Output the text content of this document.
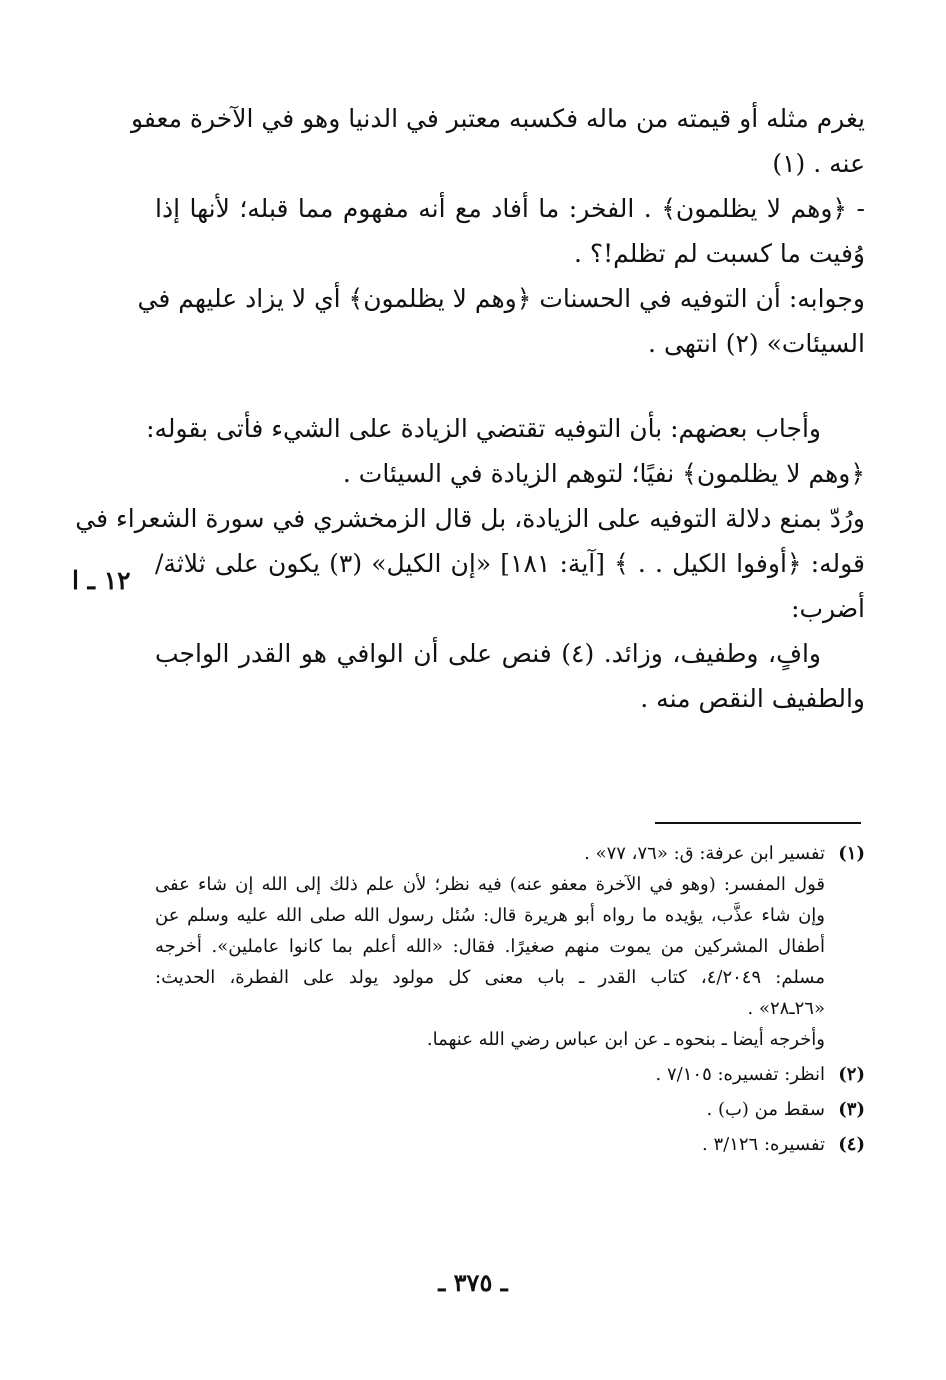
يغرم مثله أو قيمته من ماله فكسبه معتبر في الدنيا وهو في الآخرة معفو
عنه . (١)
- ﴿وهم لا يظلمون﴾ . الفخر: ما أفاد مع أنه مفهوم مما قبله؛ لأنها إذا
وُفيت ما كسبت لم تظلم!؟ .
وجوابه: أن التوفيه في الحسنات ﴿وهم لا يظلمون﴾ أي لا يزاد عليهم في
السيئات» (٢) انتهى .
وأجاب بعضهم: بأن التوفيه تقتضي الزيادة على الشيء فأتى بقوله:
﴿وهم لا يظلمون﴾ نفيًا؛ لتوهم الزيادة في السيئات .
ورُدّ بمنع دلالة التوفيه على الزيادة، بل قال الزمخشري في سورة الشعراء في
قوله: ﴿أوفوا الكيل . . ﴾ [آية: ١٨١] «إن الكيل» (٣) يكون على ثلاثة/
أضرب:
وافٍ، وطفيف، وزائد. (٤) فنص على أن الوافي هو القدر الواجب
والطفيف النقص منه .
١٢ ـ ا
(١)تفسير ابن عرفة: ق: «٧٦، ٧٧» .
قول المفسر: (وهو في الآخرة معفو عنه) فيه نظر؛ لأن علم ذلك إلى الله إن شاء عفى
وإن شاء عذَّب، يؤيده ما رواه أبو هريرة قال: سُئل رسول الله صلى الله عليه وسلم عن
أطفال المشركين من يموت منهم صغيرًا. فقال: «الله أعلم بما كانوا عاملين». أخرجه
مسلم: ٤/٢٠٤٩، كتاب القدر ـ باب معنى كل مولود يولد على الفطرة، الحديث:
«٢٦ـ٢٨» .
وأخرجه أيضا ـ بنحوه ـ عن ابن عباس رضي الله عنهما.
(٢)انظر: تفسيره: ٧/١٠٥ .
(٣)سقط من (ب) .
(٤)تفسيره: ٣/١٢٦ .
ـ ٣٧٥ ـ
